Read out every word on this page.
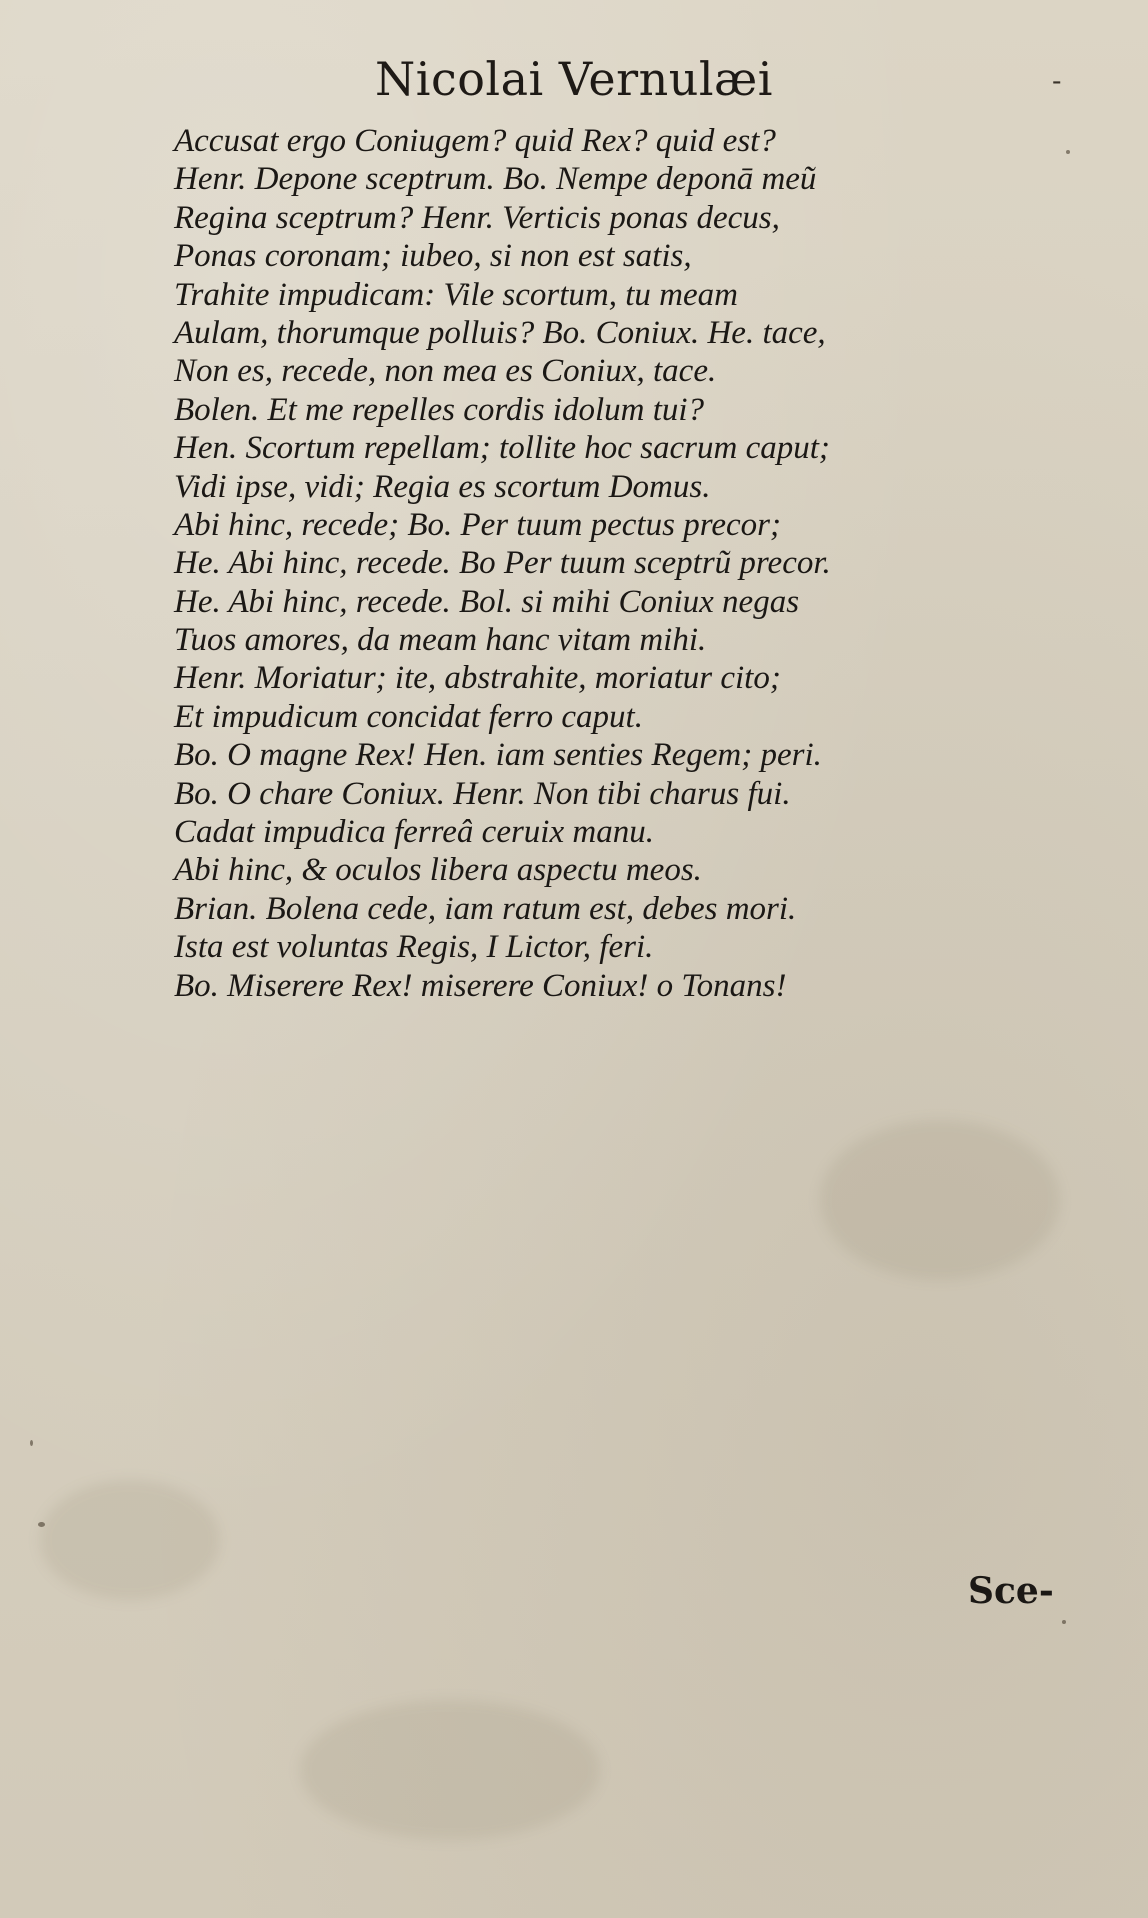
-
Nicolai Vernulæi
Accusat ergo Coniugem? quid Rex? quid est?
Henr. Depone sceptrum. Bo. Nempe deponā meũ
Regina sceptrum? Henr. Verticis ponas decus,
Ponas coronam; iubeo, si non est satis,
Trahite impudicam: Vile scortum, tu meam
Aulam, thorumque polluis? Bo. Coniux. He. tace,
Non es, recede, non mea es Coniux, tace.
Bolen. Et me repelles cordis idolum tui?
Hen. Scortum repellam; tollite hoc sacrum caput;
Vidi ipse, vidi; Regia es scortum Domus.
Abi hinc, recede; Bo. Per tuum pectus precor;
He. Abi hinc, recede. Bo Per tuum sceptrũ precor.
He. Abi hinc, recede. Bol. si mihi Coniux negas
Tuos amores, da meam hanc vitam mihi.
Henr. Moriatur; ite, abstrahite, moriatur cito;
Et impudicum concidat ferro caput.
Bo. O magne Rex! Hen. iam senties Regem; peri.
Bo. O chare Coniux. Henr. Non tibi charus fui.
Cadat impudica ferreâ ceruix manu.
Abi hinc, & oculos libera aspectu meos.
Brian. Bolena cede, iam ratum est, debes mori.
Ista est voluntas Regis, I Lictor, feri.
Bo. Miserere Rex! miserere Coniux! o Tonans!
Sce-
